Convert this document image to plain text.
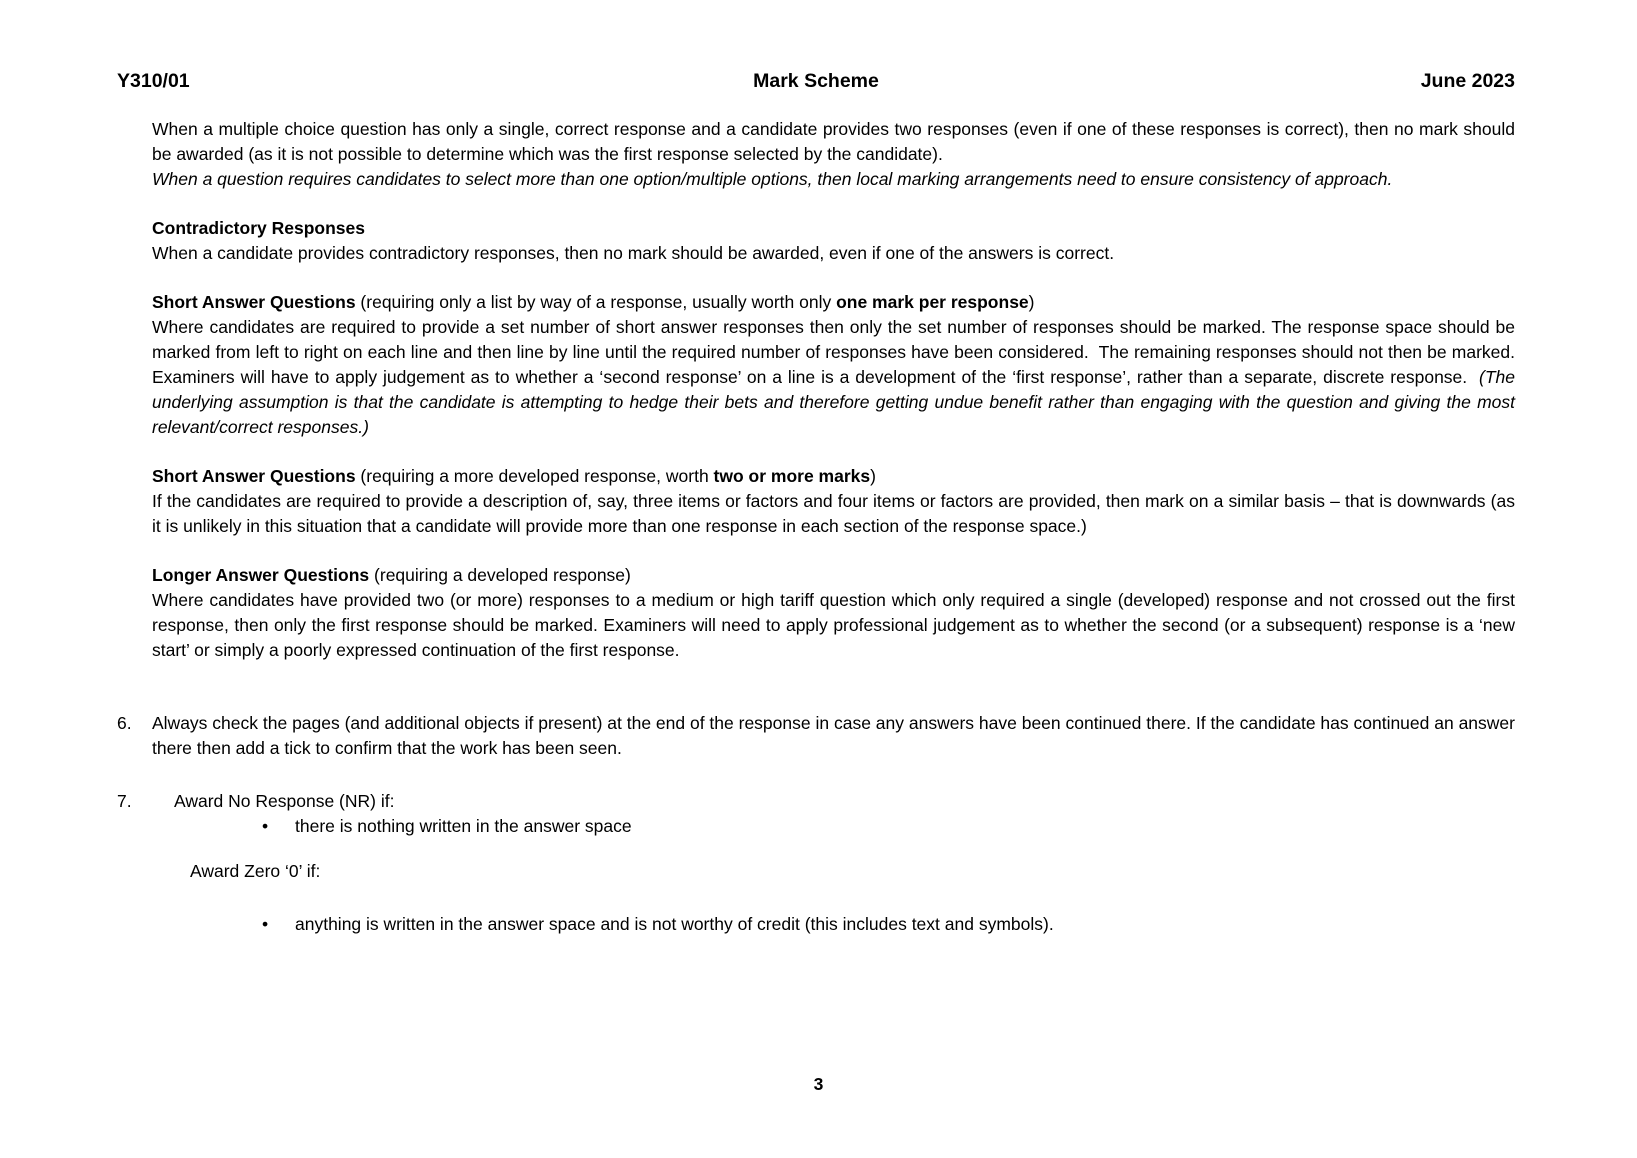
Y310/01	Mark Scheme	June 2023

When a multiple choice question has only a single, correct response and a candidate provides two responses (even if one of these responses is correct), then no mark should be awarded (as it is not possible to determine which was the first response selected by the candidate).

When a question requires candidates to select more than one option/multiple options, then local marking arrangements need to ensure consistency of approach.

Contradictory Responses

When a candidate provides contradictory responses, then no mark should be awarded, even if one of the answers is correct.

Short Answer Questions (requiring only a list by way of a response, usually worth only one mark per response)

Where candidates are required to provide a set number of short answer responses then only the set number of responses should be marked. The response space should be marked from left to right on each line and then line by line until the required number of responses have been considered.  The remaining responses should not then be marked. Examiners will have to apply judgement as to whether a ‘second response’ on a line is a development of the ‘first response’, rather than a separate, discrete response.  (The underlying assumption is that the candidate is attempting to hedge their bets and therefore getting undue benefit rather than engaging with the question and giving the most relevant/correct responses.)

Short Answer Questions (requiring a more developed response, worth two or more marks)

If the candidates are required to provide a description of, say, three items or factors and four items or factors are provided, then mark on a similar basis – that is downwards (as it is unlikely in this situation that a candidate will provide more than one response in each section of the response space.)

Longer Answer Questions (requiring a developed response)

Where candidates have provided two (or more) responses to a medium or high tariff question which only required a single (developed) response and not crossed out the first response, then only the first response should be marked. Examiners will need to apply professional judgement as to whether the second (or a subsequent) response is a ‘new start’ or simply a poorly expressed continuation of the first response.

6.	Always check the pages (and additional objects if present) at the end of the response in case any answers have been continued there. If the candidate has continued an answer there then add a tick to confirm that the work has been seen.

7.	Award No Response (NR) if:

•	there is nothing written in the answer space

Award Zero ‘0’ if:

•	anything is written in the answer space and is not worthy of credit (this includes text and symbols).
3
